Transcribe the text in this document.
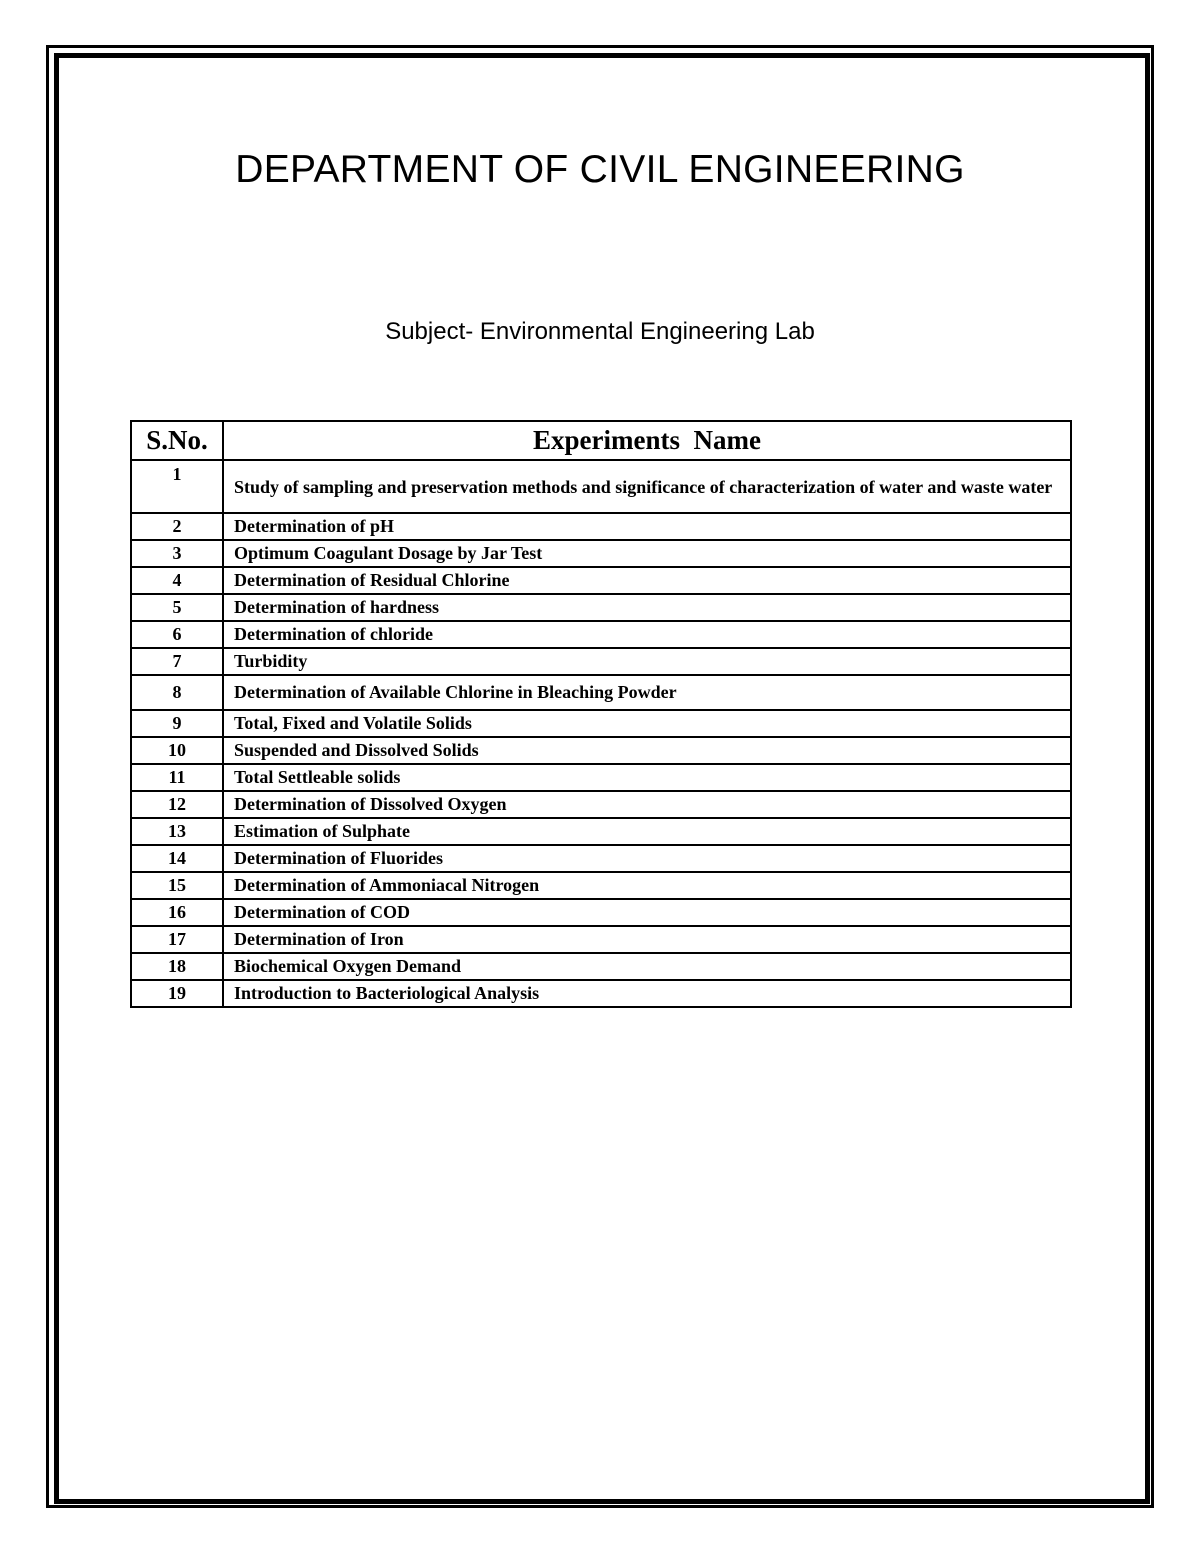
DEPARTMENT OF CIVIL ENGINEERING
Subject- Environmental Engineering Lab
S.No.	Experiments  Name
1	Study of sampling and preservation methods and significance of characterization of water and waste water
2	Determination of pH
3	Optimum Coagulant Dosage by Jar Test
4	Determination of Residual Chlorine
5	Determination of hardness
6	Determination of chloride
7	Turbidity
8	Determination of Available Chlorine in Bleaching Powder
9	Total, Fixed and Volatile Solids
10	Suspended and Dissolved Solids
11	Total Settleable solids
12	Determination of Dissolved Oxygen
13	Estimation of Sulphate
14	Determination of Fluorides
15	Determination of Ammoniacal Nitrogen
16	Determination of COD
17	Determination of Iron
18	Biochemical Oxygen Demand
19	Introduction to Bacteriological Analysis
